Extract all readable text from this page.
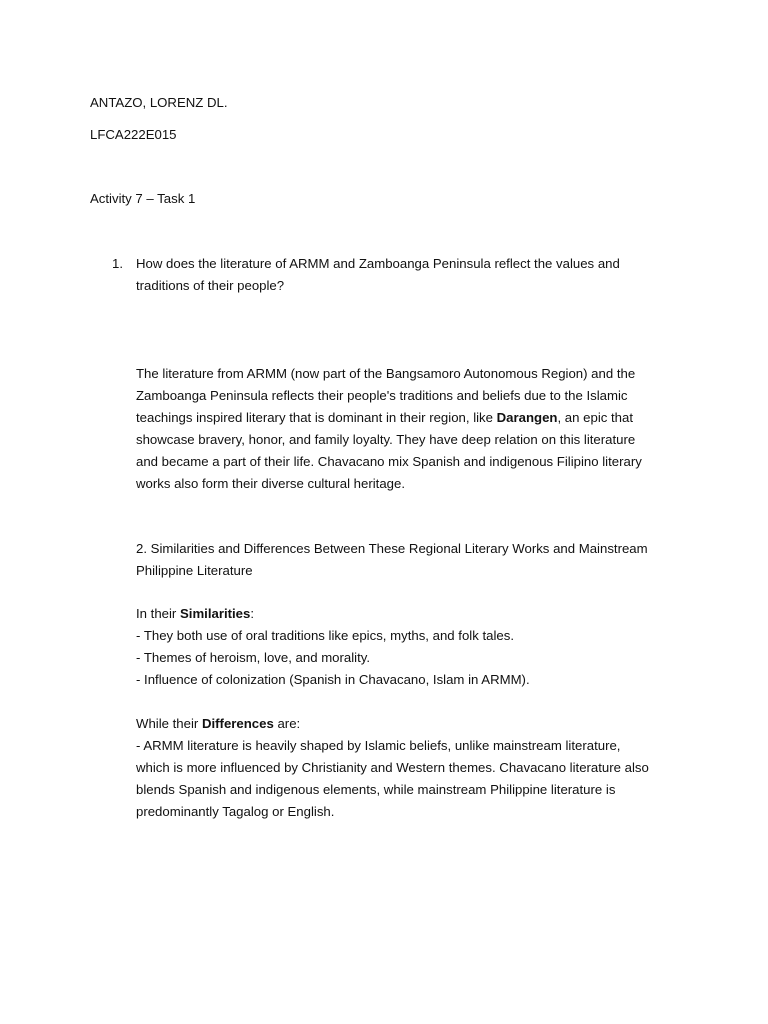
ANTAZO, LORENZ DL.
LFCA222E015
Activity 7 – Task 1
1. How does the literature of ARMM and Zamboanga Peninsula reflect the values and
traditions of their people?
The literature from ARMM (now part of the Bangsamoro Autonomous Region) and the
Zamboanga Peninsula reflects their people's traditions and beliefs due to the Islamic
teachings inspired literary that is dominant in their region, like Darangen, an epic that
showcase bravery, honor, and family loyalty. They have deep relation on this literature
and became a part of their life. Chavacano mix Spanish and indigenous Filipino literary
works also form their diverse cultural heritage.
2. Similarities and Differences Between These Regional Literary Works and Mainstream
Philippine Literature
In their Similarities:
- They both use of oral traditions like epics, myths, and folk tales.
- Themes of heroism, love, and morality.
- Influence of colonization (Spanish in Chavacano, Islam in ARMM).
While their Differences are:
- ARMM literature is heavily shaped by Islamic beliefs, unlike mainstream literature,
which is more influenced by Christianity and Western themes. Chavacano literature also
blends Spanish and indigenous elements, while mainstream Philippine literature is
predominantly Tagalog or English.
